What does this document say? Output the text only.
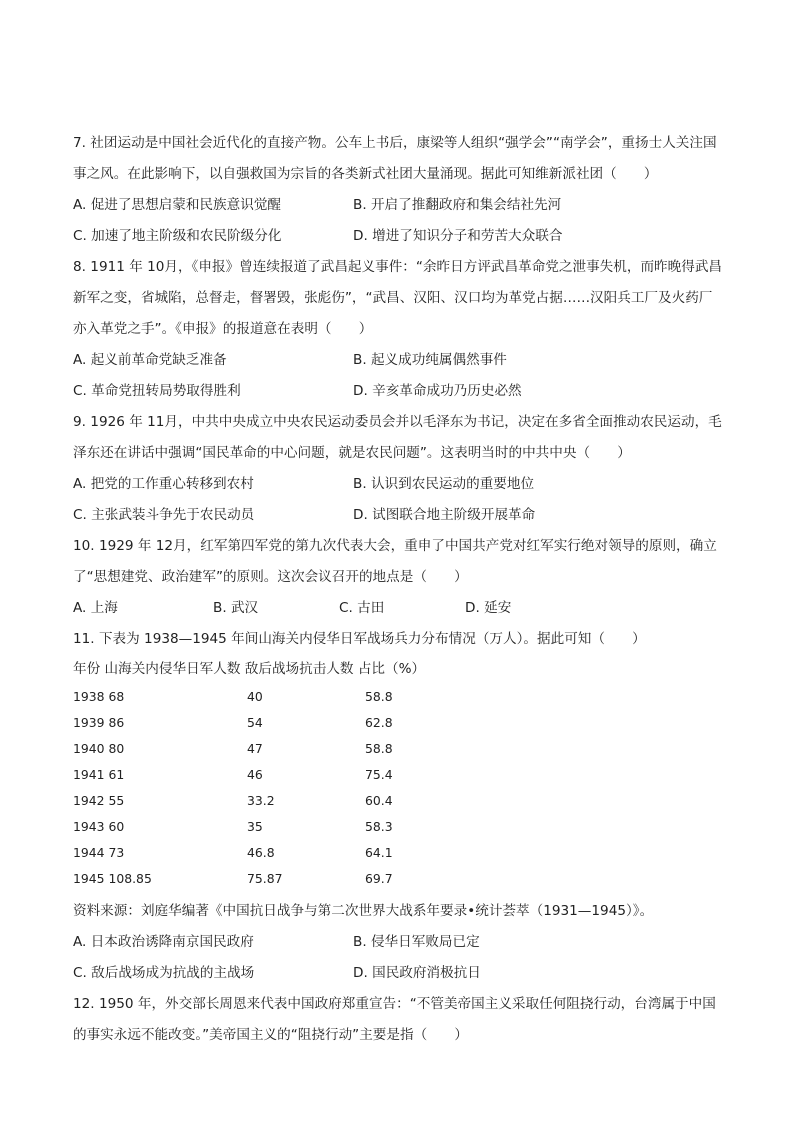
7. 社团运动是中国社会近代化的直接产物。公车上书后，康梁等人组织“强学会”“南学会”，重扬士人关注国事之风。在此影响下，以自强救国为宗旨的各类新式社团大量涌现。据此可知维新派社团（　　）

A. 促进了思想启蒙和民族意识觉醒	B. 开启了推翻政府和集会结社先河
C. 加速了地主阶级和农民阶级分化	D. 增进了知识分子和劳苦大众联合

8. 1911 年 10月，《申报》曾连续报道了武昌起义事件：“余昨日方评武昌革命党之泄事失机，而昨晚得武昌新军之变，省城陷，总督走，督署毁，张彪伤”，“武昌、汉阳、汉口均为革党占据……汉阳兵工厂及火药厂亦入革党之手”。《申报》的报道意在表明（　　）

A. 起义前革命党缺乏准备	B. 起义成功纯属偶然事件
C. 革命党扭转局势取得胜利	D. 辛亥革命成功乃历史必然

9. 1926 年 11月，中共中央成立中央农民运动委员会并以毛泽东为书记，决定在多省全面推动农民运动，毛泽东还在讲话中强调“国民革命的中心问题，就是农民问题”。这表明当时的中共中央（　　）

A. 把党的工作重心转移到农村	B. 认识到农民运动的重要地位
C. 主张武装斗争先于农民动员	D. 试图联合地主阶级开展革命

10. 1929 年 12月，红军第四军党的第九次代表大会，重申了中国共产党对红军实行绝对领导的原则，确立了“思想建党、政治建军”的原则。这次会议召开的地点是（　　）

A. 上海	B. 武汉	C. 古田	D. 延安

11. 下表为 1938—1945 年间山海关内侵华日军战场兵力分布情况（万人）。据此可知（　　）

年份 山海关内侵华日军人数 敌后战场抗击人数 占比（%）

1938 68	40	58.8
1939 86	54	62.8
1940 80	47	58.8
1941 61	46	75.4
1942 55	33.2	60.4
1943 60	35	58.3
1944 73	46.8	64.1
1945 108.85	75.87	69.7

资料来源：刘庭华编著《中国抗日战争与第二次世界大战系年要录•统计荟萃（1931—1945）》。

A. 日本政治诱降南京国民政府	B. 侵华日军败局已定
C. 敌后战场成为抗战的主战场	D. 国民政府消极抗日

12. 1950 年，外交部长周恩来代表中国政府郑重宣告：“不管美帝国主义采取任何阻挠行动，台湾属于中国的事实永远不能改变。”美帝国主义的“阻挠行动”主要是指（　　）
